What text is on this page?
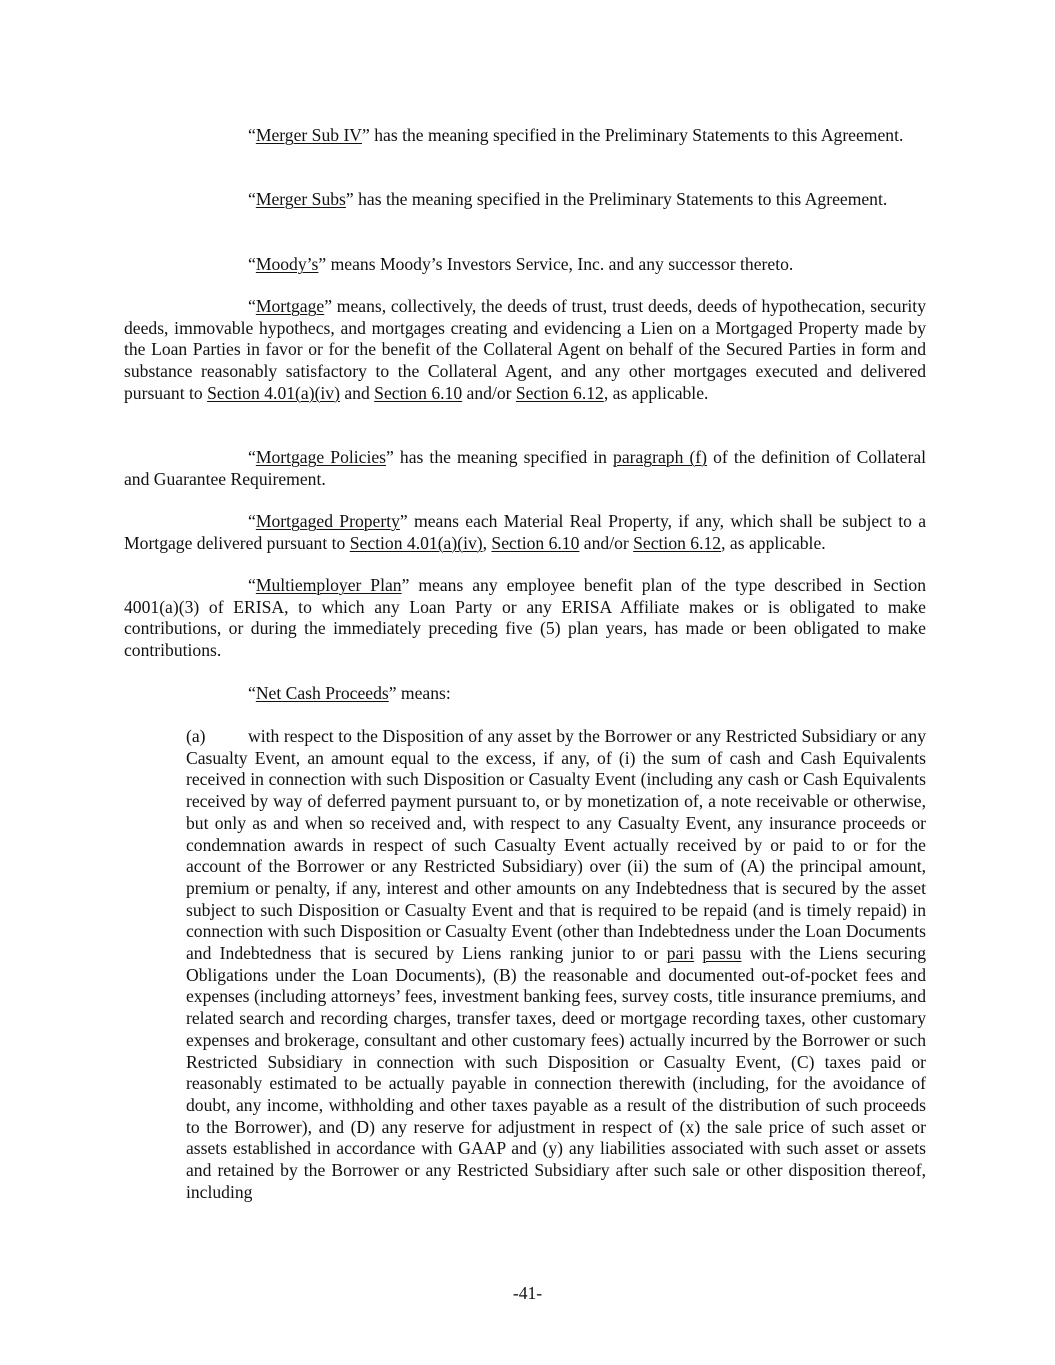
“Merger Sub IV” has the meaning specified in the Preliminary Statements to this Agreement.

“Merger Subs” has the meaning specified in the Preliminary Statements to this Agreement.

“Moody’s” means Moody’s Investors Service, Inc. and any successor thereto.

“Mortgage” means, collectively, the deeds of trust, trust deeds, deeds of hypothecation, security deeds, immovable hypothecs, and mortgages creating and evidencing a Lien on a Mortgaged Property made by the Loan Parties in favor or for the benefit of the Collateral Agent on behalf of the Secured Parties in form and substance reasonably satisfactory to the Collateral Agent, and any other mortgages executed and delivered pursuant to Section 4.01(a)(iv) and Section 6.10 and/or Section 6.12, as applicable.

“Mortgage Policies” has the meaning specified in paragraph (f) of the definition of Collateral and Guarantee Requirement.

“Mortgaged Property” means each Material Real Property, if any, which shall be subject to a Mortgage delivered pursuant to Section 4.01(a)(iv), Section 6.10 and/or Section 6.12, as applicable.

“Multiemployer Plan” means any employee benefit plan of the type described in Section 4001(a)(3) of ERISA, to which any Loan Party or any ERISA Affiliate makes or is obligated to make contributions, or during the immediately preceding five (5) plan years, has made or been obligated to make contributions.

“Net Cash Proceeds” means:

(a) with respect to the Disposition of any asset by the Borrower or any Restricted Subsidiary or any Casualty Event, an amount equal to the excess, if any, of (i) the sum of cash and Cash Equivalents received in connection with such Disposition or Casualty Event (including any cash or Cash Equivalents received by way of deferred payment pursuant to, or by monetization of, a note receivable or otherwise, but only as and when so received and, with respect to any Casualty Event, any insurance proceeds or condemnation awards in respect of such Casualty Event actually received by or paid to or for the account of the Borrower or any Restricted Subsidiary) over (ii) the sum of (A) the principal amount, premium or penalty, if any, interest and other amounts on any Indebtedness that is secured by the asset subject to such Disposition or Casualty Event and that is required to be repaid (and is timely repaid) in connection with such Disposition or Casualty Event (other than Indebtedness under the Loan Documents and Indebtedness that is secured by Liens ranking junior to or pari passu with the Liens securing Obligations under the Loan Documents), (B) the reasonable and documented out-of-pocket fees and expenses (including attorneys’ fees, investment banking fees, survey costs, title insurance premiums, and related search and recording charges, transfer taxes, deed or mortgage recording taxes, other customary expenses and brokerage, consultant and other customary fees) actually incurred by the Borrower or such Restricted Subsidiary in connection with such Disposition or Casualty Event, (C) taxes paid or reasonably estimated to be actually payable in connection therewith (including, for the avoidance of doubt, any income, withholding and other taxes payable as a result of the distribution of such proceeds to the Borrower), and (D) any reserve for adjustment in respect of (x) the sale price of such asset or assets established in accordance with GAAP and (y) any liabilities associated with such asset or assets and retained by the Borrower or any Restricted Subsidiary after such sale or other disposition thereof, including

-41-
